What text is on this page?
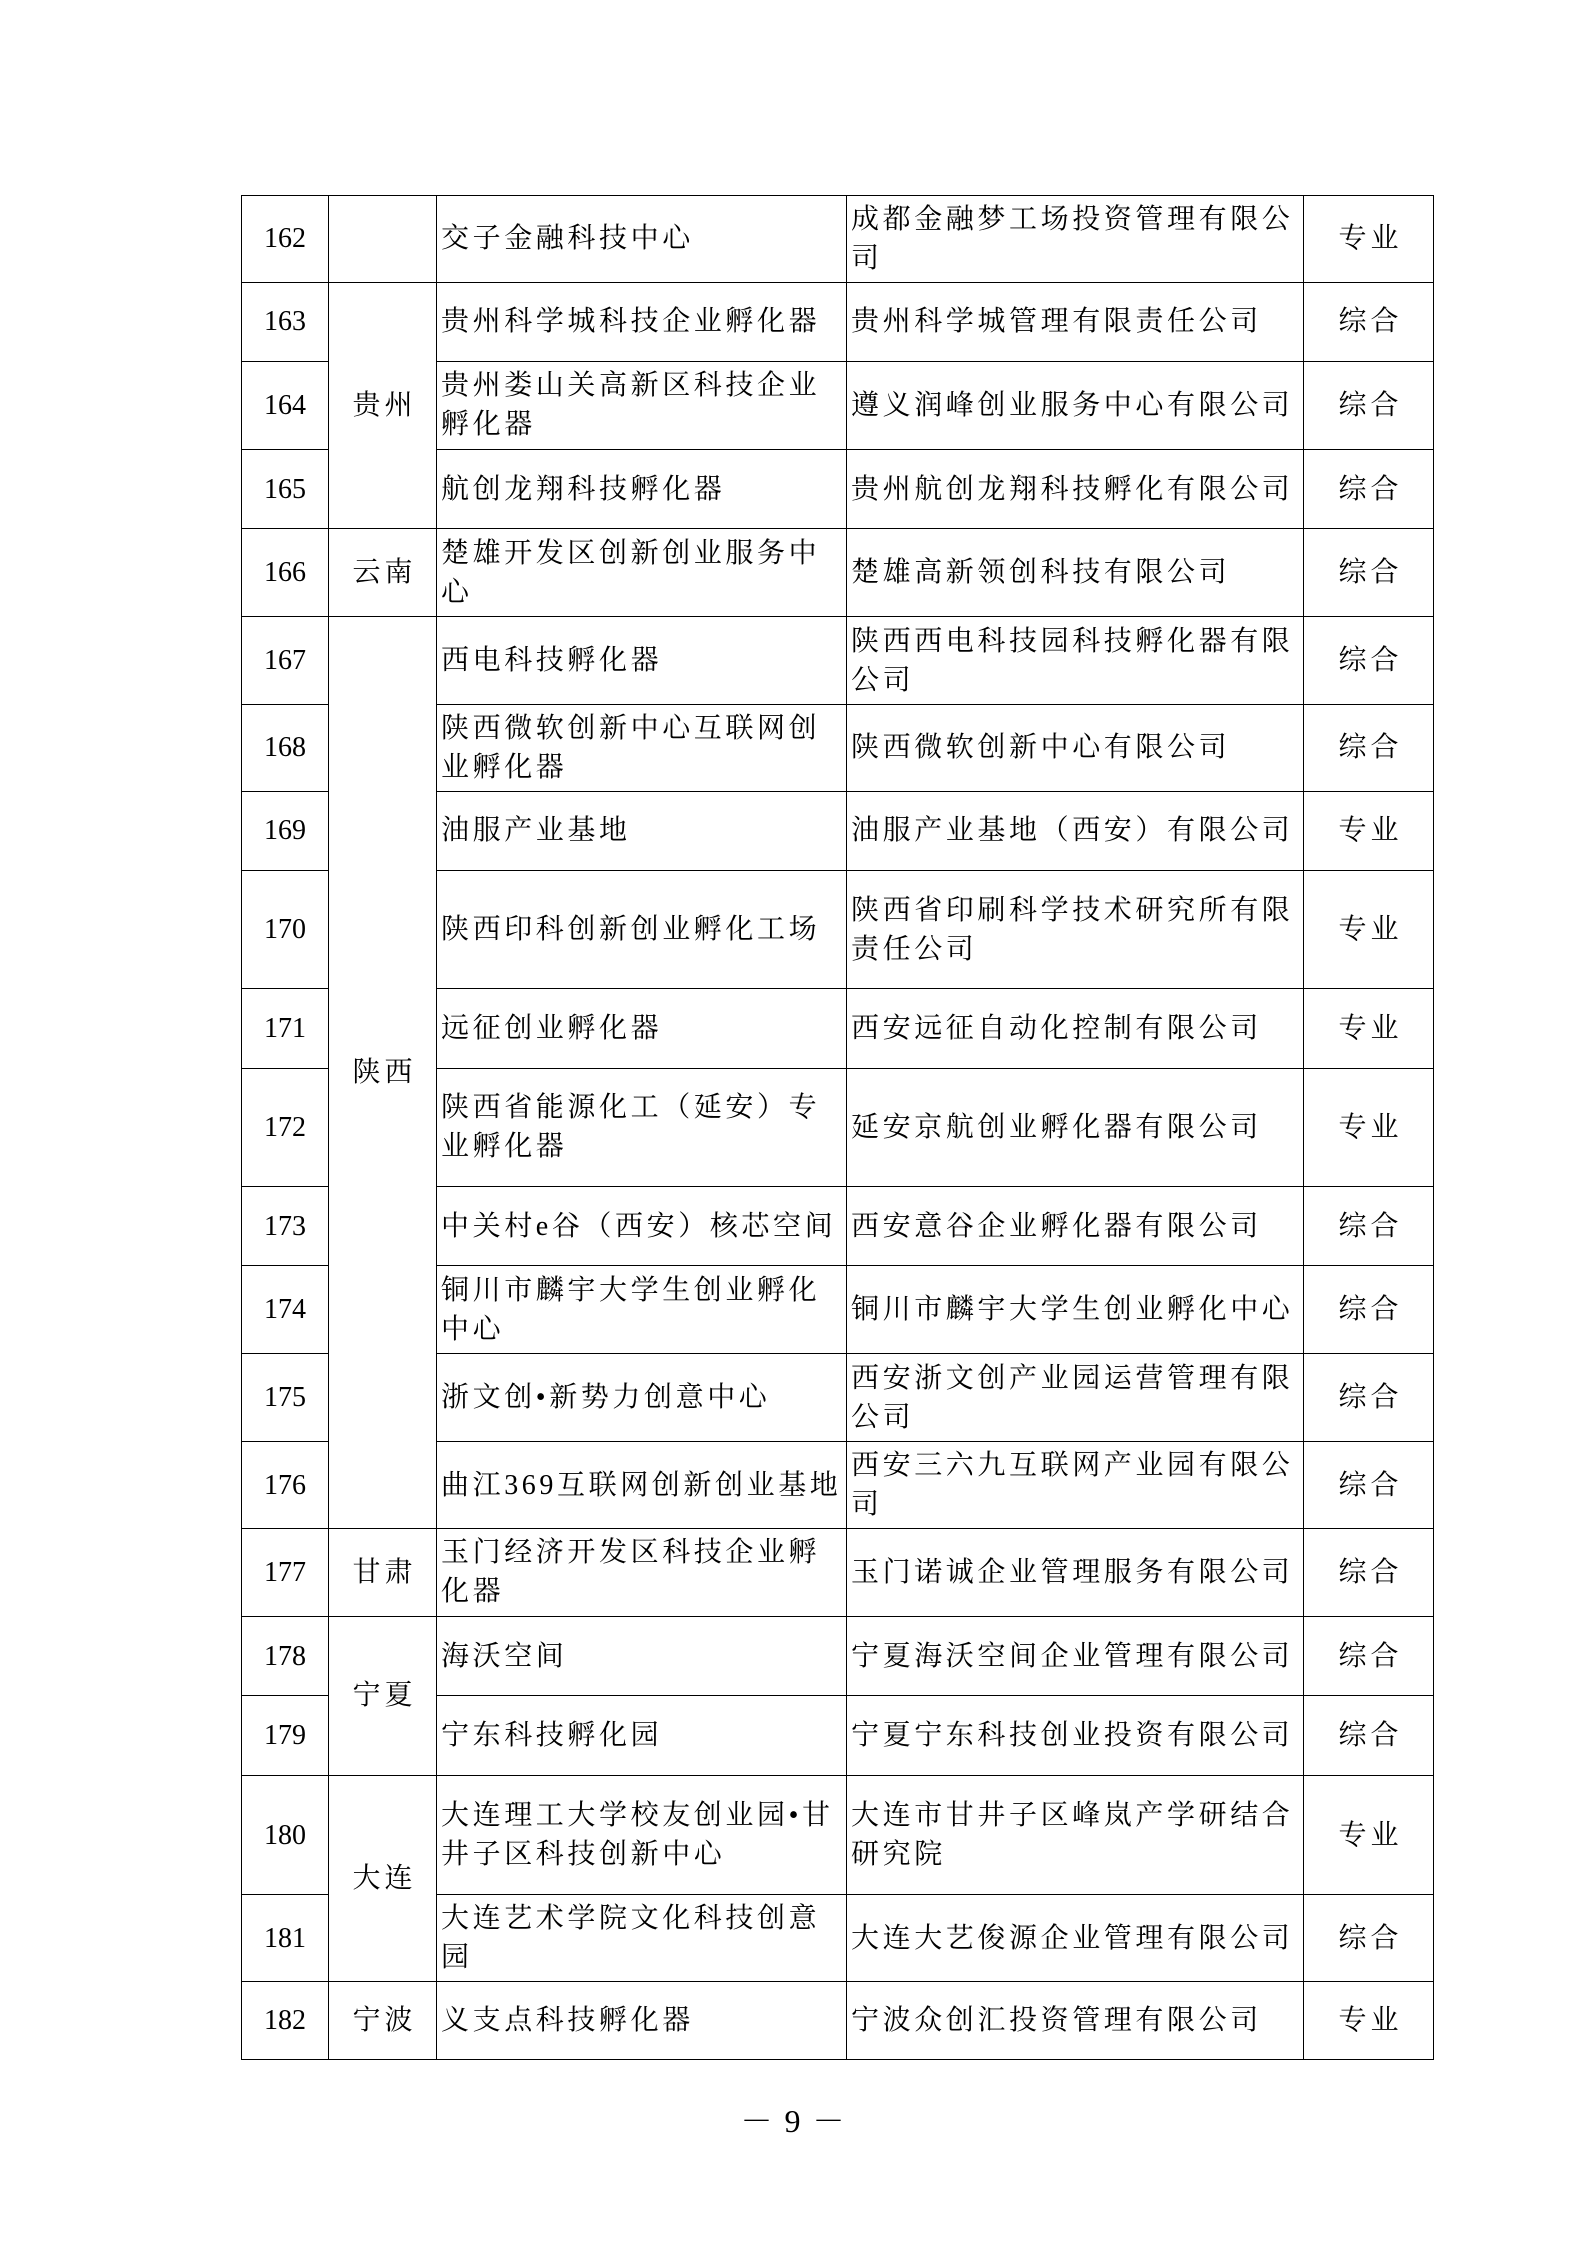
162		交子金融科技中心	成都金融梦工场投资管理有限公司	专业
163	贵州	贵州科学城科技企业孵化器	贵州科学城管理有限责任公司	综合
164		贵州娄山关高新区科技企业孵化器	遵义润峰创业服务中心有限公司	综合
165		航创龙翔科技孵化器	贵州航创龙翔科技孵化有限公司	综合
166	云南	楚雄开发区创新创业服务中心	楚雄高新领创科技有限公司	综合
167	陕西	西电科技孵化器	陕西西电科技园科技孵化器有限公司	综合
168		陕西微软创新中心互联网创业孵化器	陕西微软创新中心有限公司	综合
169		油服产业基地	油服产业基地（西安）有限公司	专业
170		陕西印科创新创业孵化工场	陕西省印刷科学技术研究所有限责任公司	专业
171		远征创业孵化器	西安远征自动化控制有限公司	专业
172		陕西省能源化工（延安）专业孵化器	延安京航创业孵化器有限公司	专业
173		中关村e谷（西安）核芯空间	西安意谷企业孵化器有限公司	综合
174		铜川市麟宇大学生创业孵化中心	铜川市麟宇大学生创业孵化中心	综合
175		浙文创•新势力创意中心	西安浙文创产业园运营管理有限公司	综合
176		曲江369互联网创新创业基地	西安三六九互联网产业园有限公司	综合
177	甘肃	玉门经济开发区科技企业孵化器	玉门诺诚企业管理服务有限公司	综合
178	宁夏	海沃空间	宁夏海沃空间企业管理有限公司	综合
179		宁东科技孵化园	宁夏宁东科技创业投资有限公司	综合
180	大连	大连理工大学校友创业园•甘井子区科技创新中心	大连市甘井子区峰岚产学研结合研究院	专业
181		大连艺术学院文化科技创意园	大连大艺俊源企业管理有限公司	综合
182	宁波	义支点科技孵化器	宁波众创汇投资管理有限公司	专业
－ 9 －
